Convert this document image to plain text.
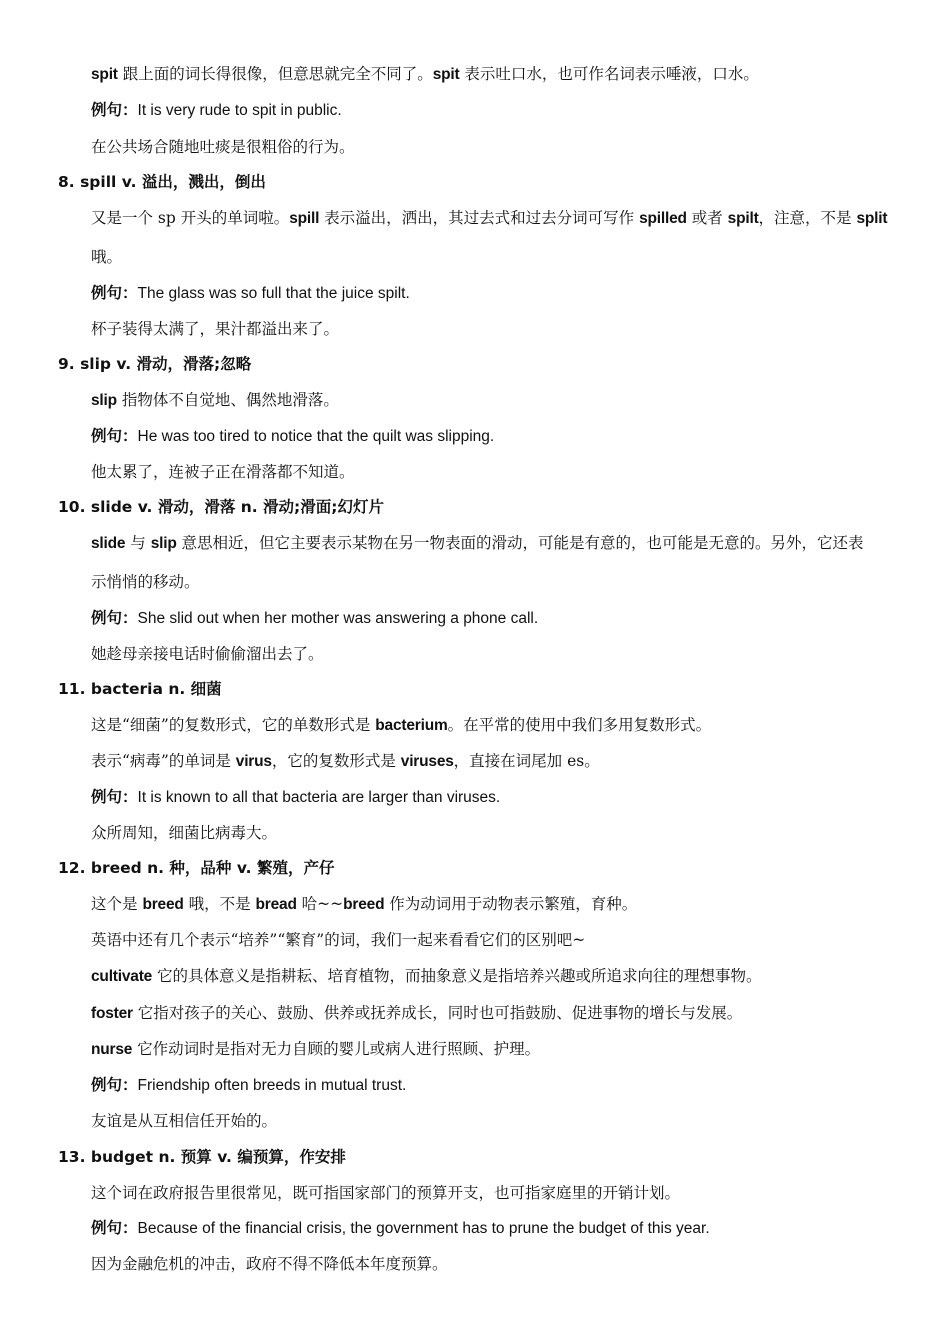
spit 跟上面的词长得很像，但意思就完全不同了。spit 表示吐口水，也可作名词表示唾液，口水。
例句：It is very rude to spit in public.
在公共场合随地吐痰是很粗俗的行为。
8. spill v. 溢出，溅出，倒出
又是一个 sp 开头的单词啦。spill 表示溢出，洒出，其过去式和过去分词可写作 spilled 或者 spilt，注意，不是 split
哦。
例句：The glass was so full that the juice spilt.
杯子装得太满了，果汁都溢出来了。
9. slip v. 滑动，滑落;忽略
slip 指物体不自觉地、偶然地滑落。
例句：He was too tired to notice that the quilt was slipping.
他太累了，连被子正在滑落都不知道。
10. slide v. 滑动，滑落 n. 滑动;滑面;幻灯片
slide 与 slip 意思相近，但它主要表示某物在另一物表面的滑动，可能是有意的，也可能是无意的。另外，它还表
示悄悄的移动。
例句：She slid out when her mother was answering a phone call.
她趁母亲接电话时偷偷溜出去了。
11. bacteria n. 细菌
这是“细菌”的复数形式，它的单数形式是 bacterium。在平常的使用中我们多用复数形式。
表示“病毒”的单词是 virus，它的复数形式是 viruses，直接在词尾加 es。
例句：It is known to all that bacteria are larger than viruses.
众所周知，细菌比病毒大。
12. breed n. 种，品种 v. 繁殖，产仔
这个是 breed 哦，不是 bread 哈~~breed 作为动词用于动物表示繁殖，育种。
英语中还有几个表示“培养”“繁育”的词，我们一起来看看它们的区别吧~
cultivate 它的具体意义是指耕耘、培育植物，而抽象意义是指培养兴趣或所追求向往的理想事物。
foster 它指对孩子的关心、鼓励、供养或抚养成长，同时也可指鼓励、促进事物的增长与发展。
nurse 它作动词时是指对无力自顾的婴儿或病人进行照顾、护理。
例句：Friendship often breeds in mutual trust.
友谊是从互相信任开始的。
13. budget n. 预算 v. 编预算，作安排
这个词在政府报告里很常见，既可指国家部门的预算开支，也可指家庭里的开销计划。
例句：Because of the financial crisis, the government has to prune the budget of this year.
因为金融危机的冲击，政府不得不降低本年度预算。
